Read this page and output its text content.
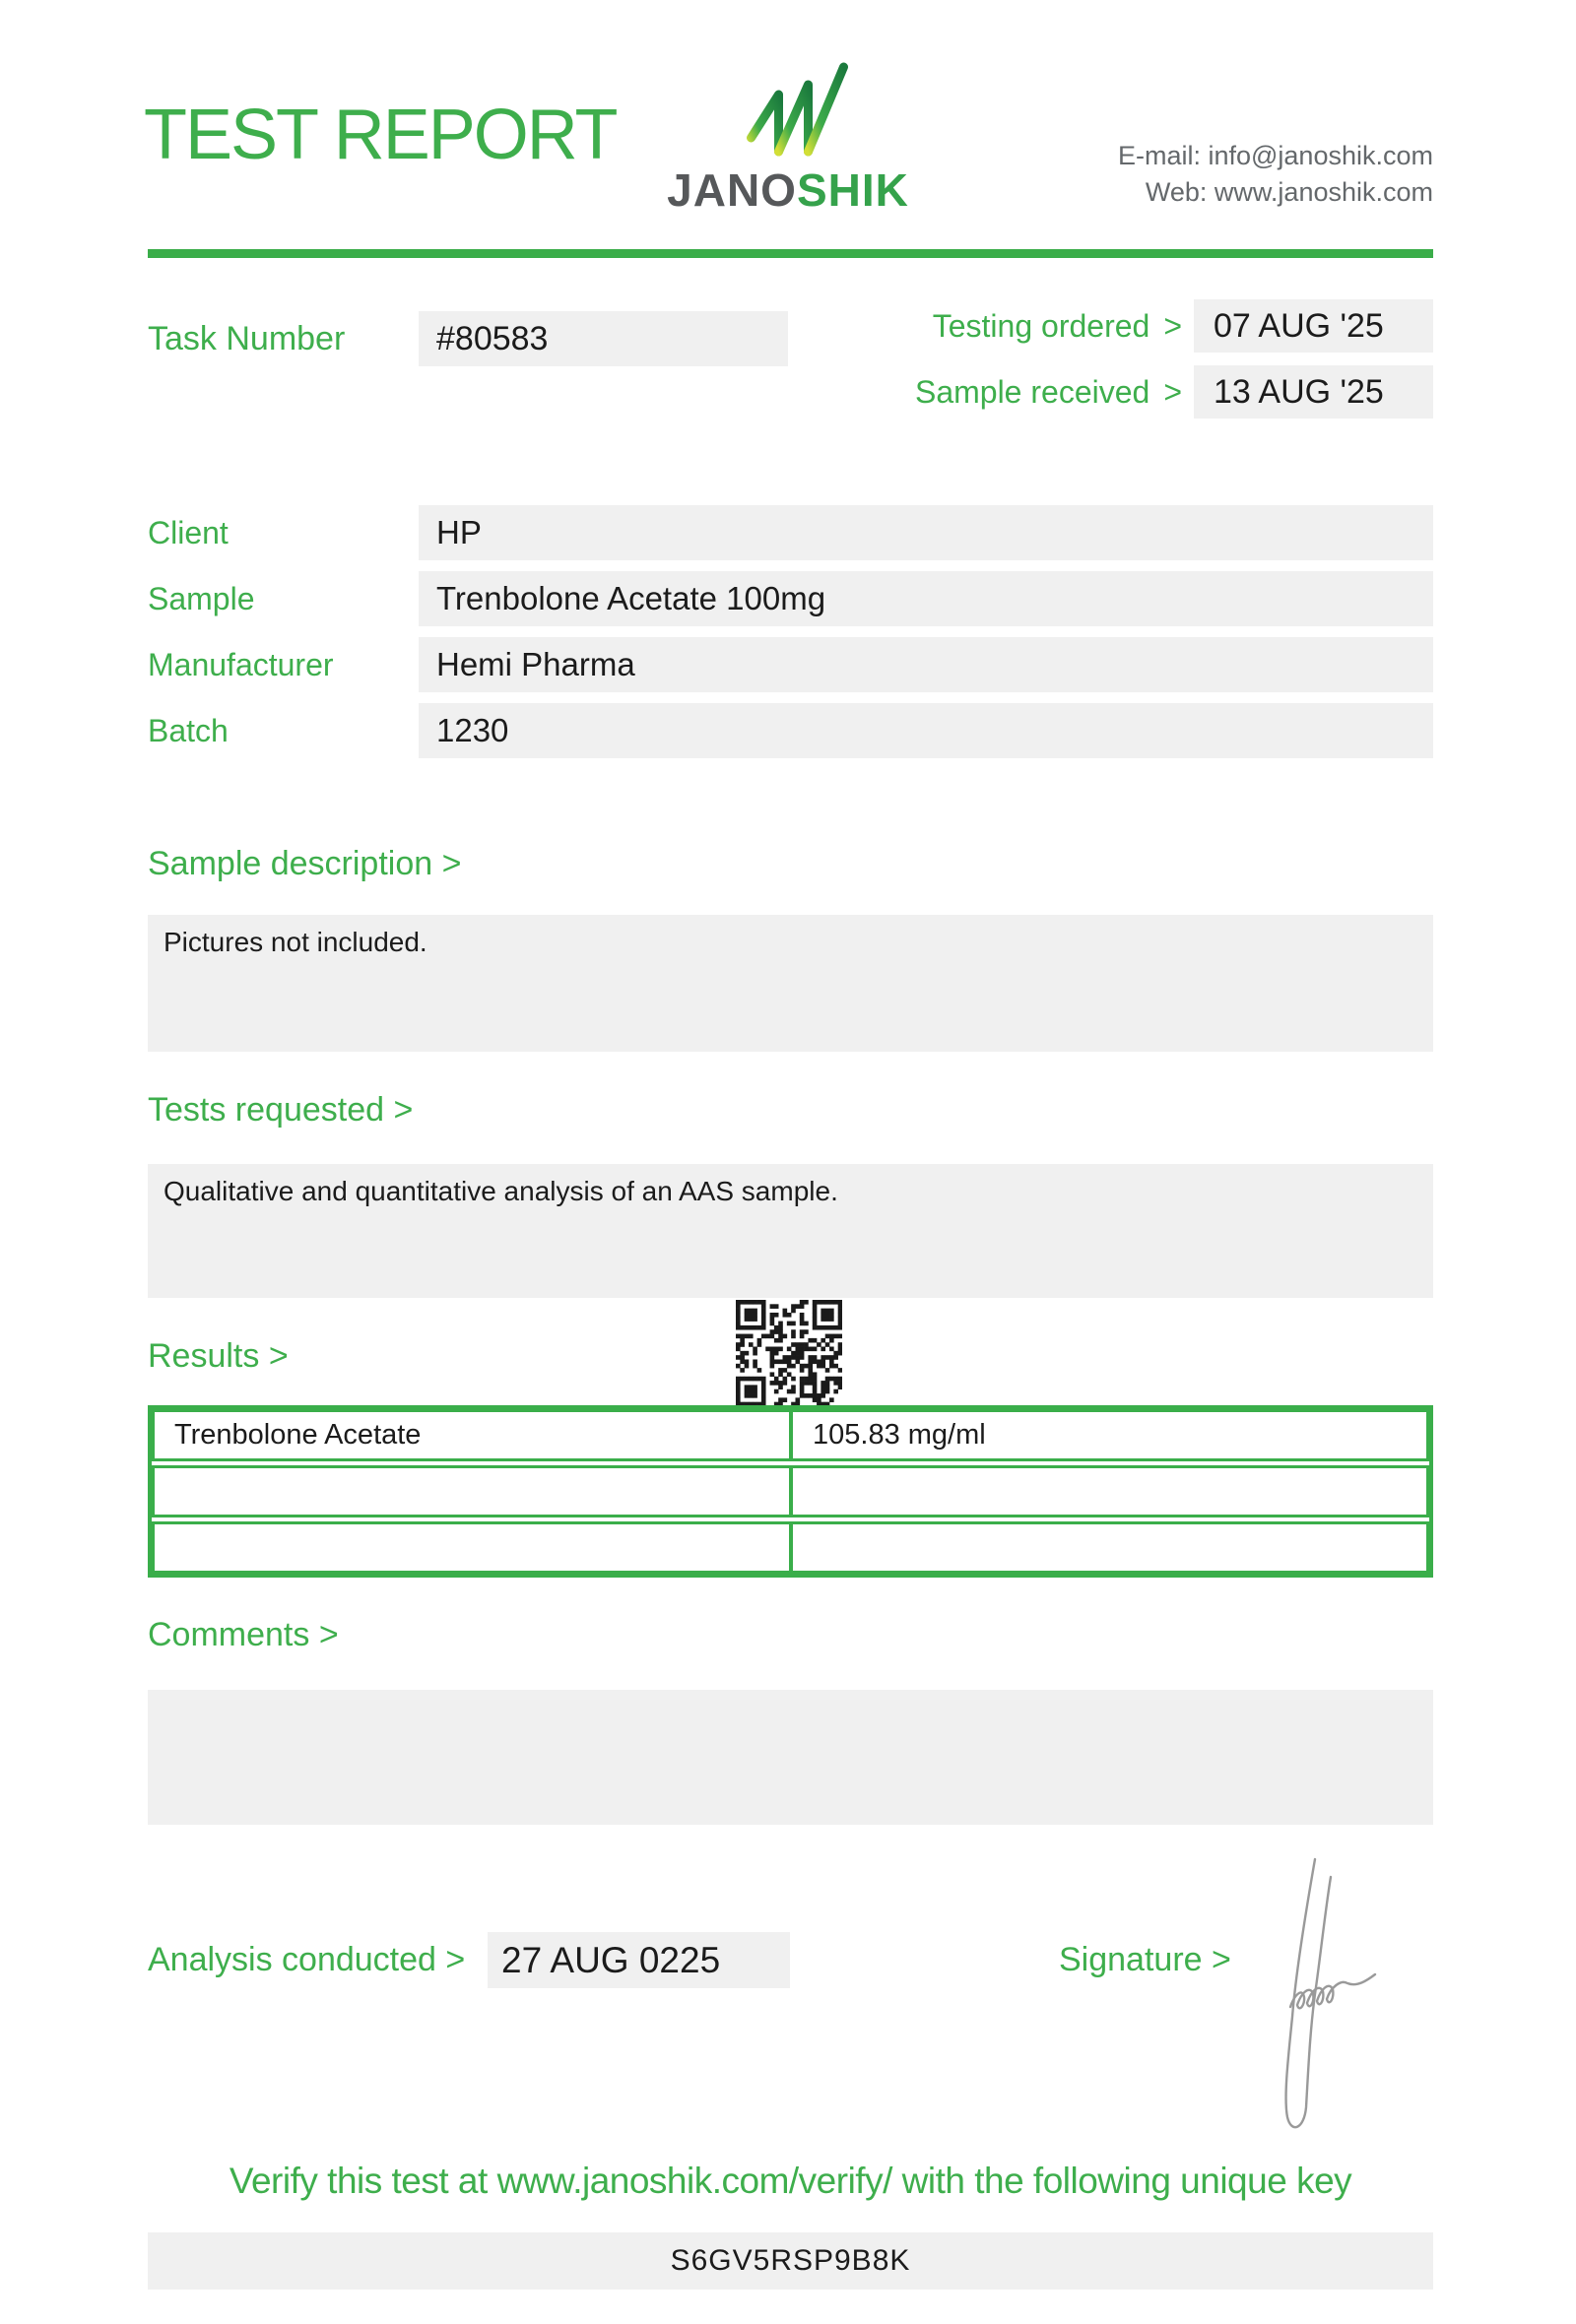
TEST REPORT
JANOSHIK
E-mail: info@janoshik.com
Web: www.janoshik.com
Task Number	#80583	Testing ordered > 07 AUG '25
Sample received > 13 AUG '25
Client	HP
Sample	Trenbolone Acetate 100mg
Manufacturer	Hemi Pharma
Batch	1230
Sample description >
Pictures not included.
Tests requested >
Qualitative and quantitative analysis of an AAS sample.
Results >
Trenbolone Acetate	105.83 mg/ml
Comments >
Analysis conducted > 27 AUG 0225	Signature >
Verify this test at www.janoshik.com/verify/ with the following unique key
S6GV5RSP9B8K
